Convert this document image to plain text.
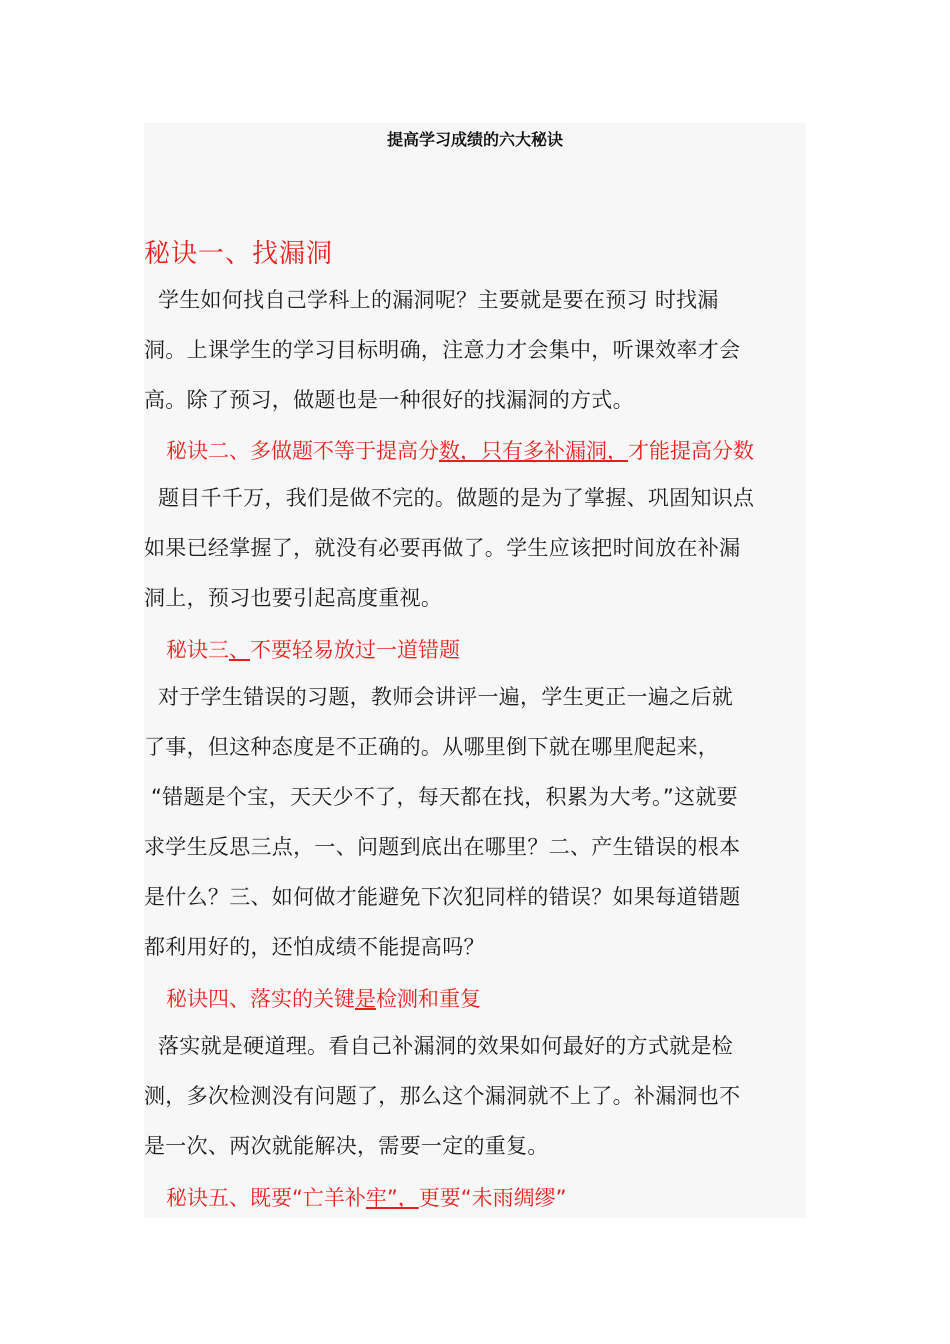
提高学习成绩的六大秘诀
秘诀一、找漏洞
学生如何找自己学科上的漏洞呢？主要就是要在预习 时找漏
洞。上课学生的学习目标明确，注意力才会集中，听课效率才会
高。除了预习，做题也是一种很好的找漏洞的方式。
秘诀二、多做题不等于提高分数，只有多补漏洞，才能提高分数
题目千千万，我们是做不完的。做题的是为了掌握、巩固知识点
如果已经掌握了，就没有必要再做了。学生应该把时间放在补漏
洞上，预习也要引起高度重视。
秘诀三、不要轻易放过一道错题
对于学生错误的习题，教师会讲评一遍，学生更正一遍之后就
了事，但这种态度是不正确的。从哪里倒下就在哪里爬起来，
“错题是个宝，天天少不了，每天都在找，积累为大考。”这就要
求学生反思三点，一、问题到底出在哪里？二、产生错误的根本
是什么？三、如何做才能避免下次犯同样的错误？如果每道错题
都利用好的，还怕成绩不能提高吗？
秘诀四、落实的关键是检测和重复
落实就是硬道理。看自己补漏洞的效果如何最好的方式就是检
测，多次检测没有问题了，那么这个漏洞就不上了。补漏洞也不
是一次、两次就能解决，需要一定的重复。
秘诀五、既要“亡羊补牢”，更要“未雨绸缪”
